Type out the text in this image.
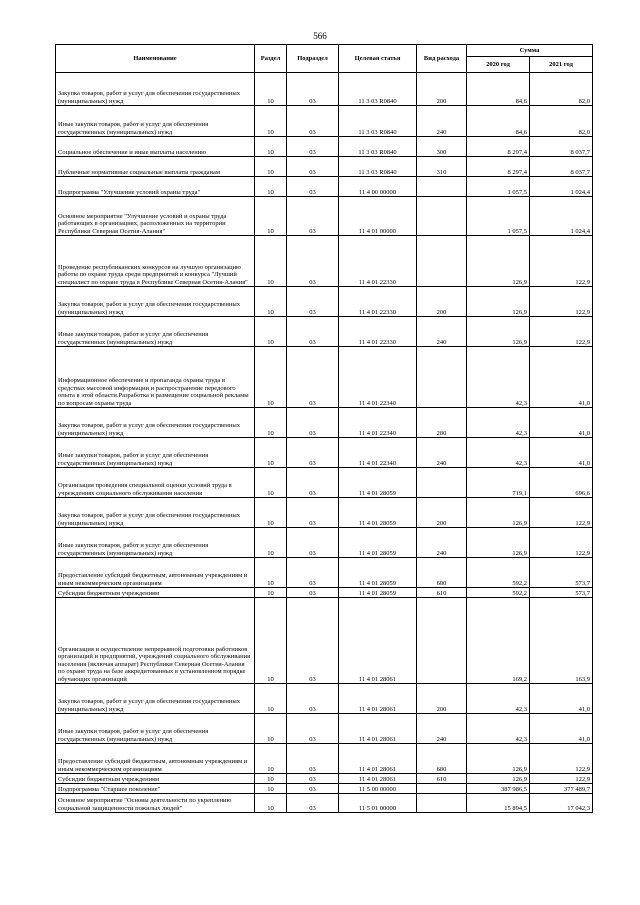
566
Наименование	Раздел	Подраздел	Целевая статья	Вид расхода	Сумма	
					2020 год	2021 год
Закупка товаров, работ и услуг для обеспечения государственных (муниципальных) нужд	10	03	11 3 03 R0840	200	84,6	82,0
Иные закупки товаров, работ и услуг для обеспечения государственных (муниципальных) нужд	10	03	11 3 03 R0840	240	84,6	82,0
Социальное обеспечение и иные выплаты населению	10	03	11 3 03 R0840	300	8 297,4	8 037,7
Публичные нормативные социальные выплаты гражданам	10	03	11 3 03 R0840	310	8 297,4	8 037,7
Подпрограмма "Улучшение условий охраны труда"	10	03	11 4 00 00000		1 057,5	1 024,4
Основное мероприятие "Улучшение условий и охраны труда работающих в организациях, расположенных на территории Республики Северная Осетия-Алания"	10	03	11 4 01 00000		1 057,5	1 024,4
Проведение республиканских конкурсов на лучшую организацию работы по охране труда среди предприятий и конкурса "Лучший специалист по охране труда в Республике Северная Осетия-Алания"	10	03	11 4 01 22330		126,9	122,9
Закупка товаров, работ и услуг для обеспечения государственных (муниципальных) нужд	10	03	11 4 01 22330	200	126,9	122,9
Иные закупки товаров, работ и услуг для обеспечения государственных (муниципальных) нужд	10	03	11 4 01 22330	240	126,9	122,9
Информационное обеспечение и пропаганда охраны труда в средствах массовой информации и распространение передового опыта в этой области.Разработка и размещение социальной рекламы по вопросам охраны труда	10	03	11 4 01 22340		42,3	41,0
Закупка товаров, работ и услуг для обеспечения государственных (муниципальных) нужд	10	03	11 4 01 22340	200	42,3	41,0
Иные закупки товаров, работ и услуг для обеспечения государственных (муниципальных) нужд	10	03	11 4 01 22340	240	42,3	41,0
Организация проведения специальной оценки условий труда в учреждениях социального обслуживания населения	10	03	11 4 01 28059		719,1	696,6
Закупка товаров, работ и услуг для обеспечения государственных (муниципальных) нужд	10	03	11 4 01 28059	200	126,9	122,9
Иные закупки товаров, работ и услуг для обеспечения государственных (муниципальных) нужд	10	03	11 4 01 28059	240	126,9	122,9
Предоставление субсидий бюджетным, автономным учреждениям и иным некоммерческим организациям	10	03	11 4 01 28059	600	592,2	573,7
Субсидии бюджетным учреждениям	10	03	11 4 01 28059	610	592,2	573,7
Организация и осуществление непрерывной подготовки работников организаций и предприятий, учреждений социального обслуживания населения (включая аппарат) Республики Северная Осетия-Алания по охране труда на базе аккредитованных в установленном порядке обучающих организаций	10	03	11 4 01 28061		169,2	163,9
Закупка товаров, работ и услуг для обеспечения государственных (муниципальных) нужд	10	03	11 4 01 28061	200	42,3	41,0
Иные закупки товаров, работ и услуг для обеспечения государственных (муниципальных) нужд	10	03	11 4 01 28061	240	42,3	41,0
Предоставление субсидий бюджетным, автономным учреждениям и иным некоммерческим организациям	10	03	11 4 01 28061	600	126,9	122,9
Субсидии бюджетным учреждениям	10	03	11 4 01 28061	610	126,9	122,9
Подпрограмма "Старшее поколение"	10	03	11 5 00 00000		387 986,5	377 489,7
Основное мероприятие "Основы деятельности по укреплению социальной защищенности пожилых людей"	10	03	11 5 01 00000		15 894,5	17 042,3
